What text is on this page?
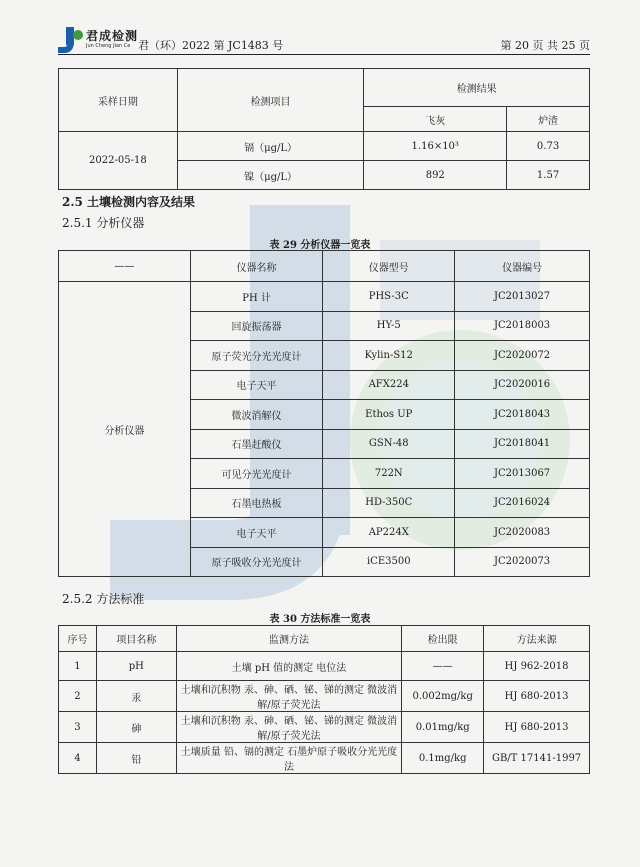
君成检测
Jun Cheng Jian Ce 君（环）2022 第 JC1483 号	第 20 页 共 25 页
采样日期	检测项目	检测结果	
		飞灰	炉渣
2022-05-18	镉（μg/L）	1.16×10³	0.73
	镍（μg/L）	892	1.57
2.5 土壤检测内容及结果
2.5.1 分析仪器
表 29 分析仪器一览表
——	仪器名称	仪器型号	仪器编号
分析仪器	PH 计	PHS-3C	JC2013027
	回旋振荡器	HY-5	JC2018003
	原子荧光分光光度计	Kylin-S12	JC2020072
	电子天平	AFX224	JC2020016
	微波消解仪	Ethos UP	JC2018043
	石墨赶酸仪	GSN-48	JC2018041
	可见分光光度计	722N	JC2013067
	石墨电热板	HD-350C	JC2016024
	电子天平	AP224X	JC2020083
	原子吸收分光光度计	iCE3500	JC2020073
2.5.2 方法标准
表 30 方法标准一览表
序号	项目名称	监测方法	检出限	方法来源
1	pH	土壤 pH 值的测定 电位法	——	HJ 962-2018
2	汞	土壤和沉积物 汞、砷、硒、铋、锑的测定 微波消解/原子荧光法	0.002mg/kg	HJ 680-2013
3	砷	土壤和沉积物 汞、砷、硒、铋、锑的测定 微波消解/原子荧光法	0.01mg/kg	HJ 680-2013
4	铅	土壤质量 铅、镉的测定 石墨炉原子吸收分光光度法	0.1mg/kg	GB/T 17141-1997
